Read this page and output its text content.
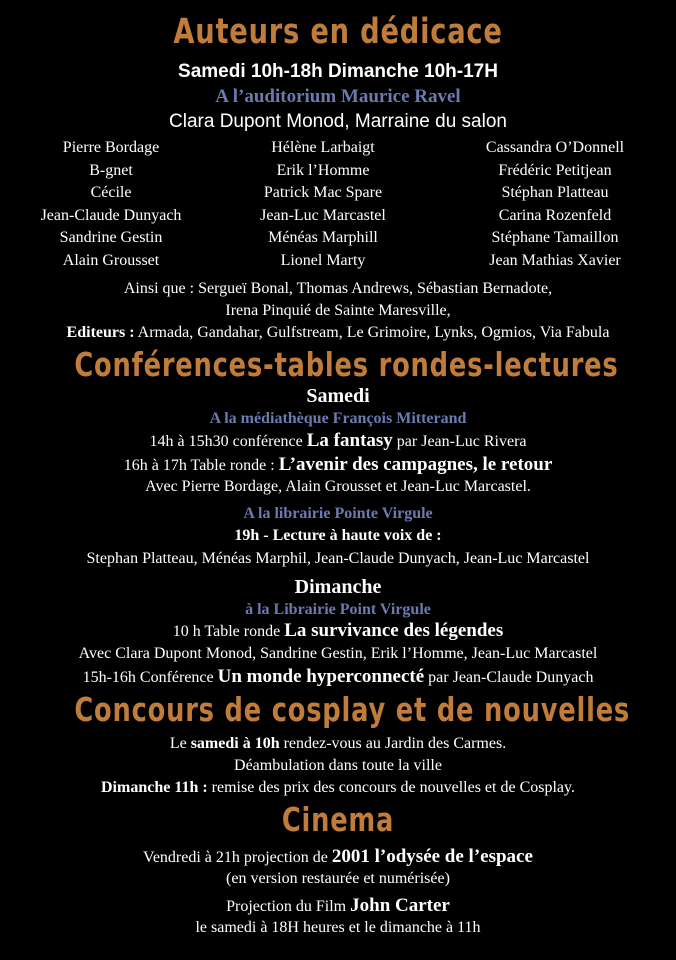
Auteurs en dédicace
Samedi 10h-18h Dimanche 10h-17H
A l’auditorium Maurice Ravel
Clara Dupont Monod, Marraine du salon
Pierre Bordage
B-gnet
Cécile
Jean-Claude Dunyach
Sandrine Gestin
Alain Grousset
Hélène Larbaigt
Erik l’Homme
Patrick Mac Spare
Jean-Luc Marcastel
Ménéas Marphill
Lionel Marty
Cassandra O’Donnell
Frédéric Petitjean
Stéphan Platteau
Carina Rozenfeld
Stéphane Tamaillon
Jean Mathias Xavier
Ainsi que : Sergueï Bonal, Thomas Andrews, Sébastian Bernadote,
Irena Pinquié de Sainte Maresville,
Editeurs : Armada, Gandahar, Gulfstream, Le Grimoire, Lynks, Ogmios, Via Fabula
Conférences-tables rondes-lectures
Samedi
A la médiathèque François Mitterand
14h à 15h30 conférence La fantasy par Jean-Luc Rivera
16h à 17h Table ronde : L’avenir des campagnes, le retour
Avec Pierre Bordage, Alain Grousset et Jean-Luc Marcastel.
A la librairie Pointe Virgule
19h - Lecture à haute voix de :
Stephan Platteau, Ménéas Marphil, Jean-Claude Dunyach, Jean-Luc Marcastel
Dimanche
à la Librairie Point Virgule
10 h Table ronde La survivance des légendes
Avec Clara Dupont Monod, Sandrine Gestin, Erik l’Homme, Jean-Luc Marcastel
15h-16h Conférence Un monde hyperconnecté par Jean-Claude Dunyach
Concours de cosplay et de nouvelles
Le samedi à 10h rendez-vous au Jardin des Carmes.
Déambulation dans toute la ville
Dimanche 11h : remise des prix des concours de nouvelles et de Cosplay.
Cinema
Vendredi à 21h projection de 2001 l’odysée de l’espace
(en version restaurée et numérisée)
Projection du Film John Carter
le samedi à 18H heures et le dimanche à 11h
